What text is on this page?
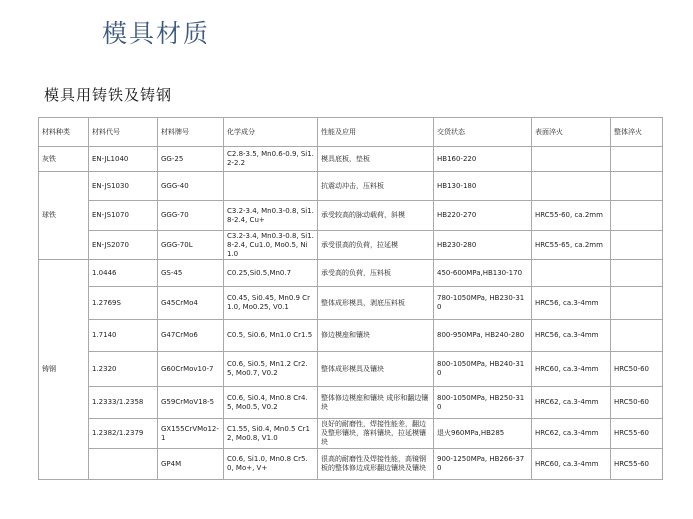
模具材质
模具用铸铁及铸钢
材料种类	材料代号	材料牌号	化学成分	性能及应用	交货状态	表面淬火	整体淬火
灰铁	EN-JL1040	GG-25	C2.8-3.5, Mn0.6-0.9, Si1.2-2.2	模具底板，垫板	HB160-220		
球铁	EN-JS1030	GGG-40		抗震动冲击，压料板	HB130-180		
	EN-JS1070	GGG-70	C3.2-3.4, Mn0.3-0.8, Si1.8-2.4, Cu+	承受较高的脉动载荷，斜模	HB220-270	HRC55-60, ca.2mm	
	EN-JS2070	GGG-70L	C3.2-3.4, Mn0.3-0.8, Si1.8-2.4, Cu1.0, Mo0.5, Ni1.0	承受很高的负荷，拉延模	HB230-280	HRC55-65, ca.2mm	
铸钢	1.0446	GS-45	C0.25,Si0.5,Mn0.7	承受高的负荷，压料板	450-600MPa,HB130-170		
	1.2769S	G45CrMo4	C0.45, Si0.45, Mn0.9 Cr1.0, Mo0.25, V0.1	整体成形模具，剥底压料板	780-1050MPa, HB230-310	HRC56, ca.3-4mm	
	1.7140	G47CrMo6	C0.5, Si0.6, Mn1.0 Cr1.5	修边模座和镶块	800-950MPa, HB240-280	HRC56, ca.3-4mm	
	1.2320	G60CrMov10-7	C0.6, Si0.5, Mn1.2 Cr2.5, Mo0.7, V0.2	整体成形模具及镶块	800-1050MPa, HB240-310	HRC60, ca.3-4mm	HRC50-60
	1.2333/1.2358	G59CrMoV18-5	C0.6, Si0.4, Mn0.8 Cr4.5, Mo0.5, V0.2	整体修边模座和镶块 成形和翻边镶块	800-1050MPa, HB250-310	HRC62, ca.3-4mm	HRC50-60
	1.2382/1.2379	GX155CrVMo12-1	C1.55, Si0.4, Mn0.5 Cr12, Mo0.8, V1.0	良好的耐磨性，焊接性能差，翻边及整形镶块，落料镶块，拉延模镶块	退火960MPa,HB285	HRC62, ca.3-4mm	HRC55-60
		GP4M	C0.6, Si1.0, Mn0.8 Cr5.0, Mo+, V+	很高的耐磨性及焊接性能，高镜钢板的整体修边成形翻边镶块及镶块	900-1250MPa, HB266-370	HRC60, ca.3-4mm	HRC55-60
